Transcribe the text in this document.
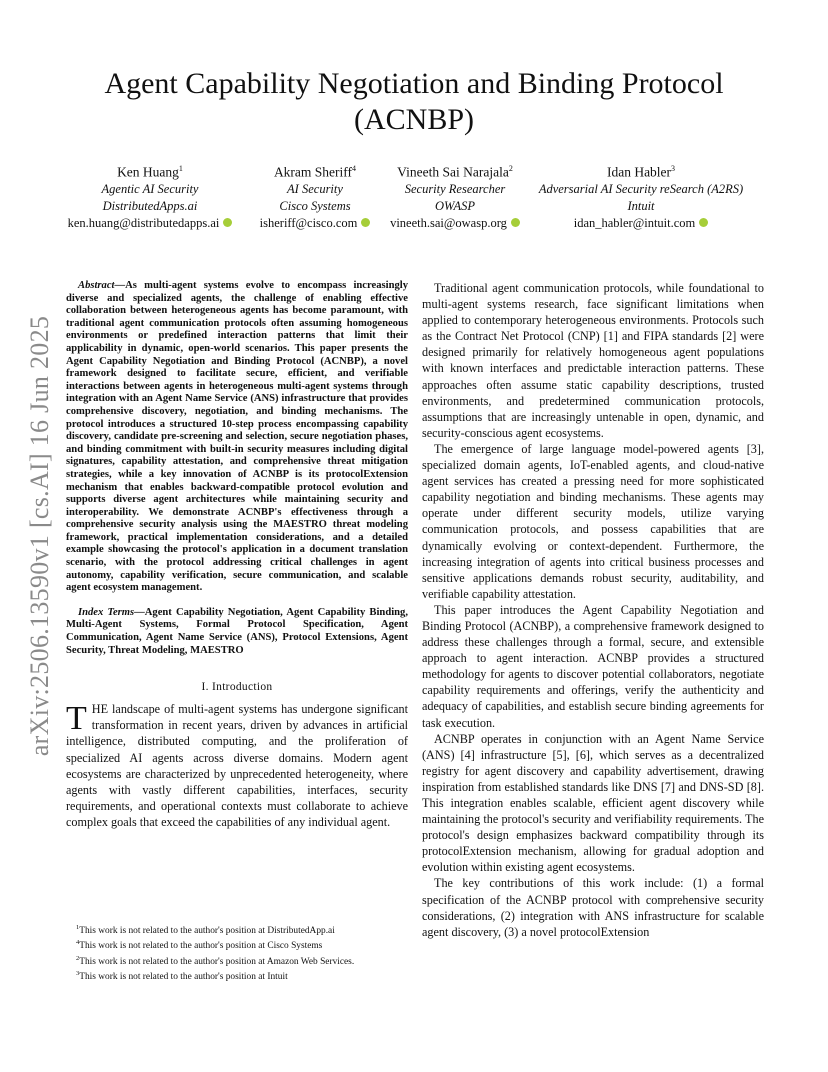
arXiv:2506.13590v1 [cs.AI] 16 Jun 2025
Agent Capability Negotiation and Binding Protocol (ACNBP)
Ken Huang$^1$
Agentic AI Security
DistributedApps.ai
ken.huang@distributedapps.ai
Akram Sheriff$^4$
AI Security
Cisco Systems
isheriff@cisco.com
Vineeth Sai Narajala$^2$
Security Researcher
OWASP
vineeth.sai@owasp.org
Idan Habler$^3$
Adversarial AI Security reSearch (A2RS)
Intuit
idan_habler@intuit.com

Abstract—As multi-agent systems evolve to encompass increasingly diverse and specialized agents, the challenge of enabling effective collaboration between heterogeneous agents has become paramount, with traditional agent communication protocols often assuming homogeneous environments or predefined interaction patterns that limit their applicability in dynamic, open-world scenarios. This paper presents the Agent Capability Negotiation and Binding Protocol (ACNBP), a novel framework designed to facilitate secure, efficient, and verifiable interactions between agents in heterogeneous multi-agent systems through integration with an Agent Name Service (ANS) infrastructure that provides comprehensive discovery, negotiation, and binding mechanisms. The protocol introduces a structured 10-step process encompassing capability discovery, candidate pre-screening and selection, secure negotiation phases, and binding commitment with built-in security measures including digital signatures, capability attestation, and comprehensive threat mitigation strategies, while a key innovation of ACNBP is its protocolExtension mechanism that enables backward-compatible protocol evolution and supports diverse agent architectures while maintaining security and interoperability. We demonstrate ACNBP's effectiveness through a comprehensive security analysis using the MAESTRO threat modeling framework, practical implementation considerations, and a detailed example showcasing the protocol's application in a document translation scenario, with the protocol addressing critical challenges in agent autonomy, capability verification, secure communication, and scalable agent ecosystem management.

Index Terms—Agent Capability Negotiation, Agent Capability Binding, Multi-Agent Systems, Formal Protocol Specification, Agent Communication, Agent Name Service (ANS), Protocol Extensions, Agent Security, Threat Modeling, MAESTRO

I. Introduction

THE landscape of multi-agent systems has undergone significant transformation in recent years, driven by advances in artificial intelligence, distributed computing, and the proliferation of specialized AI agents across diverse domains. Modern agent ecosystems are characterized by unprecedented heterogeneity, where agents with vastly different capabilities, interfaces, security requirements, and operational contexts must collaborate to achieve complex goals that exceed the capabilities of any individual agent.

Traditional agent communication protocols, while foundational to multi-agent systems research, face significant limitations when applied to contemporary heterogeneous environments. Protocols such as the Contract Net Protocol (CNP) [1] and FIPA standards [2] were designed primarily for relatively homogeneous agent populations with known interfaces and predictable interaction patterns. These approaches often assume static capability descriptions, trusted environments, and predetermined communication protocols, assumptions that are increasingly untenable in open, dynamic, and security-conscious agent ecosystems.

The emergence of large language model-powered agents [3], specialized domain agents, IoT-enabled agents, and cloud-native agent services has created a pressing need for more sophisticated capability negotiation and binding mechanisms. These agents may operate under different security models, utilize varying communication protocols, and possess capabilities that are dynamically evolving or context-dependent. Furthermore, the increasing integration of agents into critical business processes and sensitive applications demands robust security, auditability, and verifiable capability attestation.

This paper introduces the Agent Capability Negotiation and Binding Protocol (ACNBP), a comprehensive framework designed to address these challenges through a formal, secure, and extensible approach to agent interaction. ACNBP provides a structured methodology for agents to discover potential collaborators, negotiate capability requirements and offerings, verify the authenticity and adequacy of capabilities, and establish secure binding agreements for task execution.

ACNBP operates in conjunction with an Agent Name Service (ANS) [4] infrastructure [5], [6], which serves as a decentralized registry for agent discovery and capability advertisement, drawing inspiration from established standards like DNS [7] and DNS-SD [8]. This integration enables scalable, efficient agent discovery while maintaining the protocol's security and verifiability requirements. The protocol's design emphasizes backward compatibility through its protocolExtension mechanism, allowing for gradual adoption and evolution within existing agent ecosystems.

The key contributions of this work include: (1) a formal specification of the ACNBP protocol with comprehensive security considerations, (2) integration with ANS infrastructure for scalable agent discovery, (3) a novel protocolExtension

$^1$This work is not related to the author's position at DistributedApp.ai

$^4$This work is not related to the author's position at Cisco Systems

$^2$This work is not related to the author's position at Amazon Web Services.

$^3$This work is not related to the author's position at Intuit
